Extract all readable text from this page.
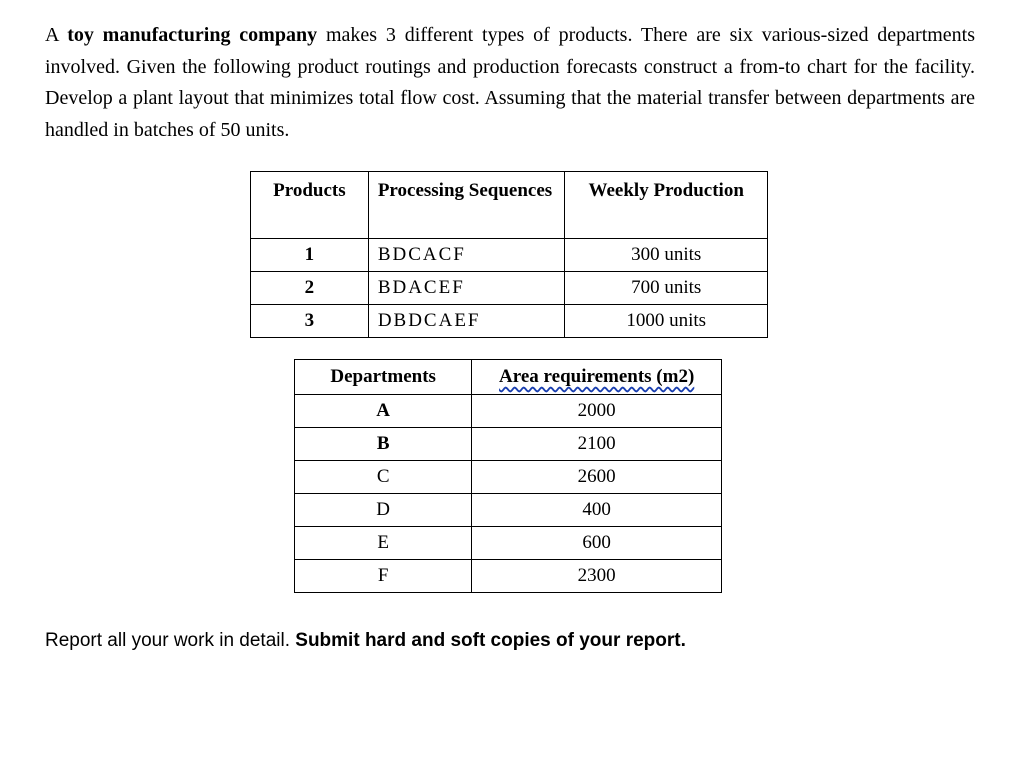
A toy manufacturing company makes 3 different types of products. There are six various-sized departments involved. Given the following product routings and production forecasts construct a from-to chart for the facility. Develop a plant layout that minimizes total flow cost. Assuming that the material transfer between departments are handled in batches of 50 units.

Products	Processing Sequences	Weekly Production
1	BDCACF	300 units
2	BDACEF	700 units
3	DBDCAEF	1000 units
Departments	Area requirements (m2)
A	2000
B	2100
C	2600
D	400
E	600
F	2300

Report all your work in detail. Submit hard and soft copies of your report.
